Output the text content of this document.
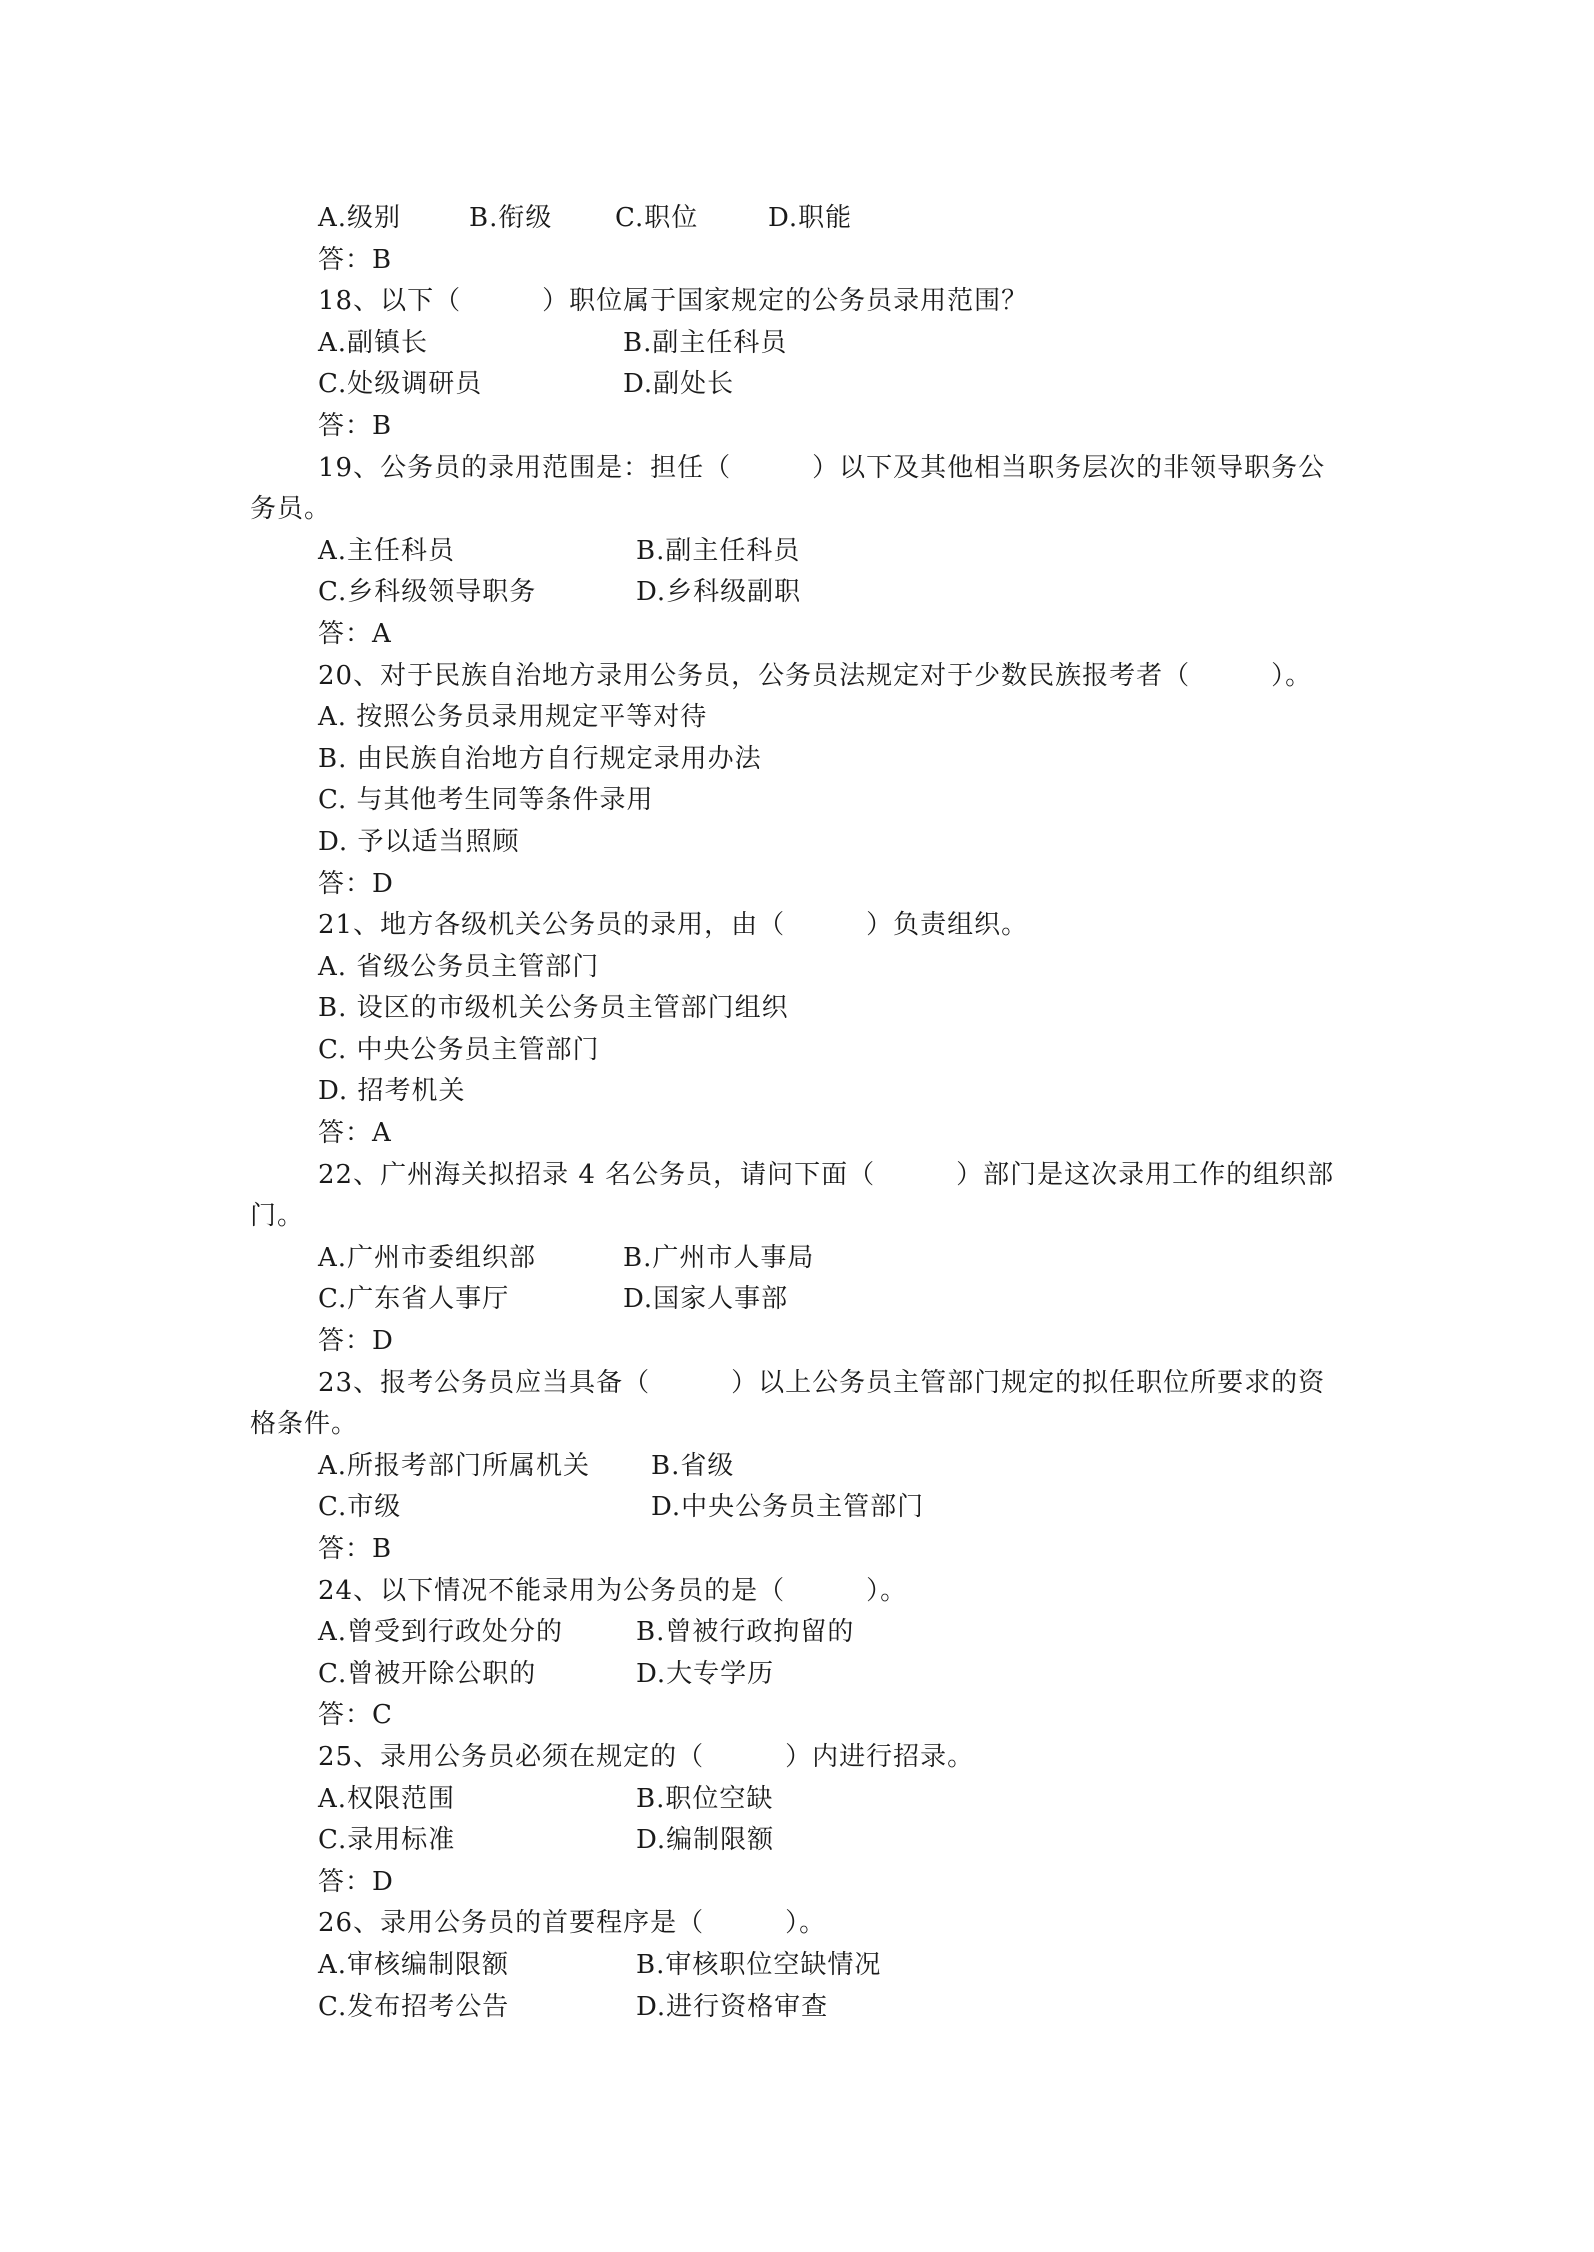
A.级别	B.衔级	C.职位	D.职能
答：B
18、以下（　　　）职位属于国家规定的公务员录用范围？
A.副镇长	B.副主任科员
C.处级调研员	D.副处长
答：B
19、公务员的录用范围是：担任（　　　）以下及其他相当职务层次的非领导职务公
务员。
A.主任科员	B.副主任科员
C.乡科级领导职务	D.乡科级副职
答：A
20、对于民族自治地方录用公务员，公务员法规定对于少数民族报考者（　　　）。
A. 按照公务员录用规定平等对待
B. 由民族自治地方自行规定录用办法
C. 与其他考生同等条件录用
D. 予以适当照顾
答：D
21、地方各级机关公务员的录用，由（　　　）负责组织。
A. 省级公务员主管部门
B. 设区的市级机关公务员主管部门组织
C. 中央公务员主管部门
D. 招考机关
答：A
22、广州海关拟招录 4 名公务员，请问下面（　　　）部门是这次录用工作的组织部
门。
A.广州市委组织部	B.广州市人事局
C.广东省人事厅	D.国家人事部
答：D
23、报考公务员应当具备（　　　）以上公务员主管部门规定的拟任职位所要求的资
格条件。
A.所报考部门所属机关	B.省级
C.市级	D.中央公务员主管部门
答：B
24、以下情况不能录用为公务员的是（　　　）。
A.曾受到行政处分的	B.曾被行政拘留的
C.曾被开除公职的	D.大专学历
答：C
25、录用公务员必须在规定的（　　　）内进行招录。
A.权限范围	B.职位空缺
C.录用标准	D.编制限额
答：D
26、录用公务员的首要程序是（　　　）。
A.审核编制限额	B.审核职位空缺情况
C.发布招考公告	D.进行资格审查
